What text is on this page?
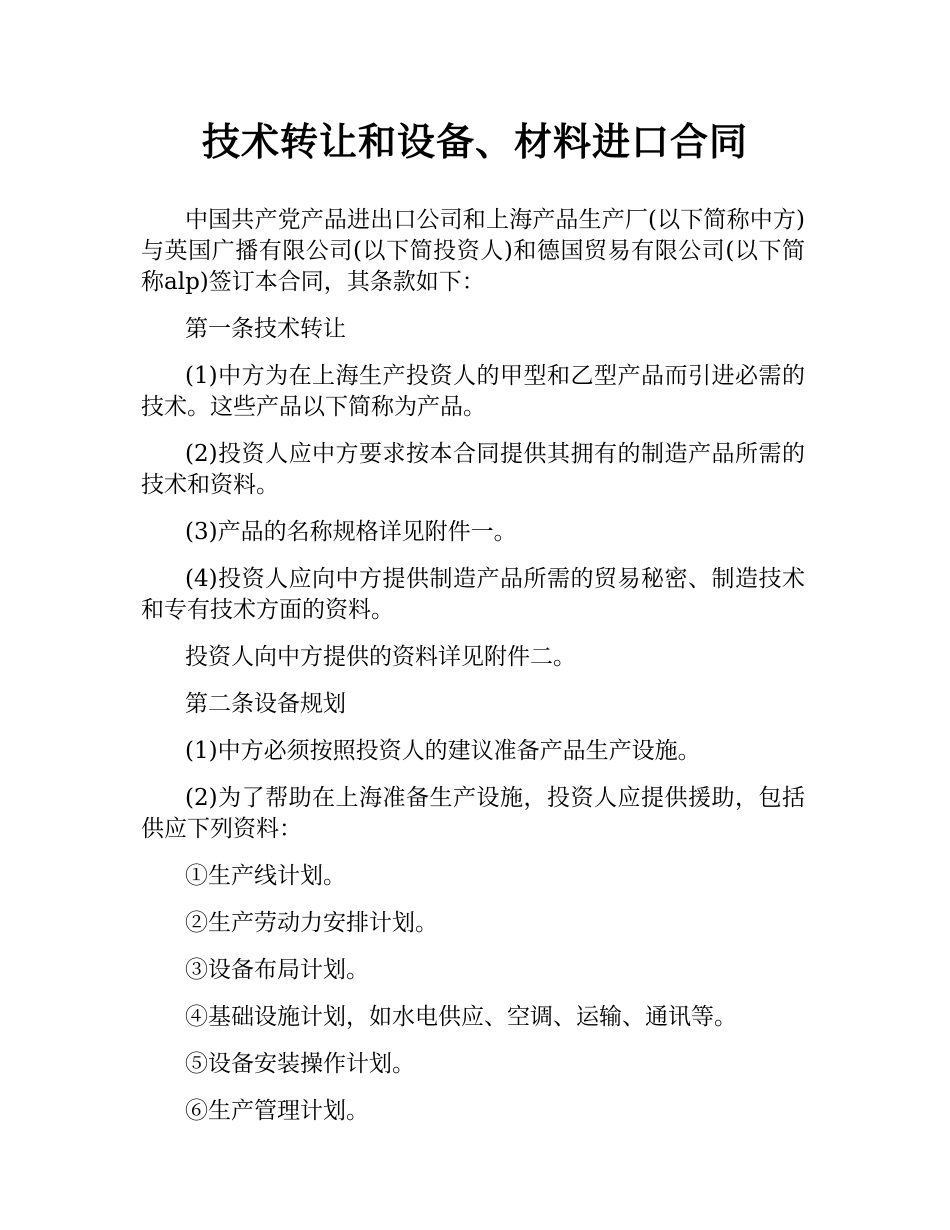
技术转让和设备、材料进口合同

中国共产党产品进出口公司和上海产品生产厂(以下简称中方)与英国广播有限公司(以下简投资人)和德国贸易有限公司(以下简称alp)签订本合同，其条款如下：

第一条技术转让

(1)中方为在上海生产投资人的甲型和乙型产品而引进必需的技术。这些产品以下简称为产品。

(2)投资人应中方要求按本合同提供其拥有的制造产品所需的技术和资料。

(3)产品的名称规格详见附件一。

(4)投资人应向中方提供制造产品所需的贸易秘密、制造技术和专有技术方面的资料。

投资人向中方提供的资料详见附件二。

第二条设备规划

(1)中方必须按照投资人的建议准备产品生产设施。

(2)为了帮助在上海准备生产设施，投资人应提供援助，包括供应下列资料：

①生产线计划。

②生产劳动力安排计划。

③设备布局计划。

④基础设施计划，如水电供应、空调、运输、通讯等。

⑤设备安装操作计划。

⑥生产管理计划。
